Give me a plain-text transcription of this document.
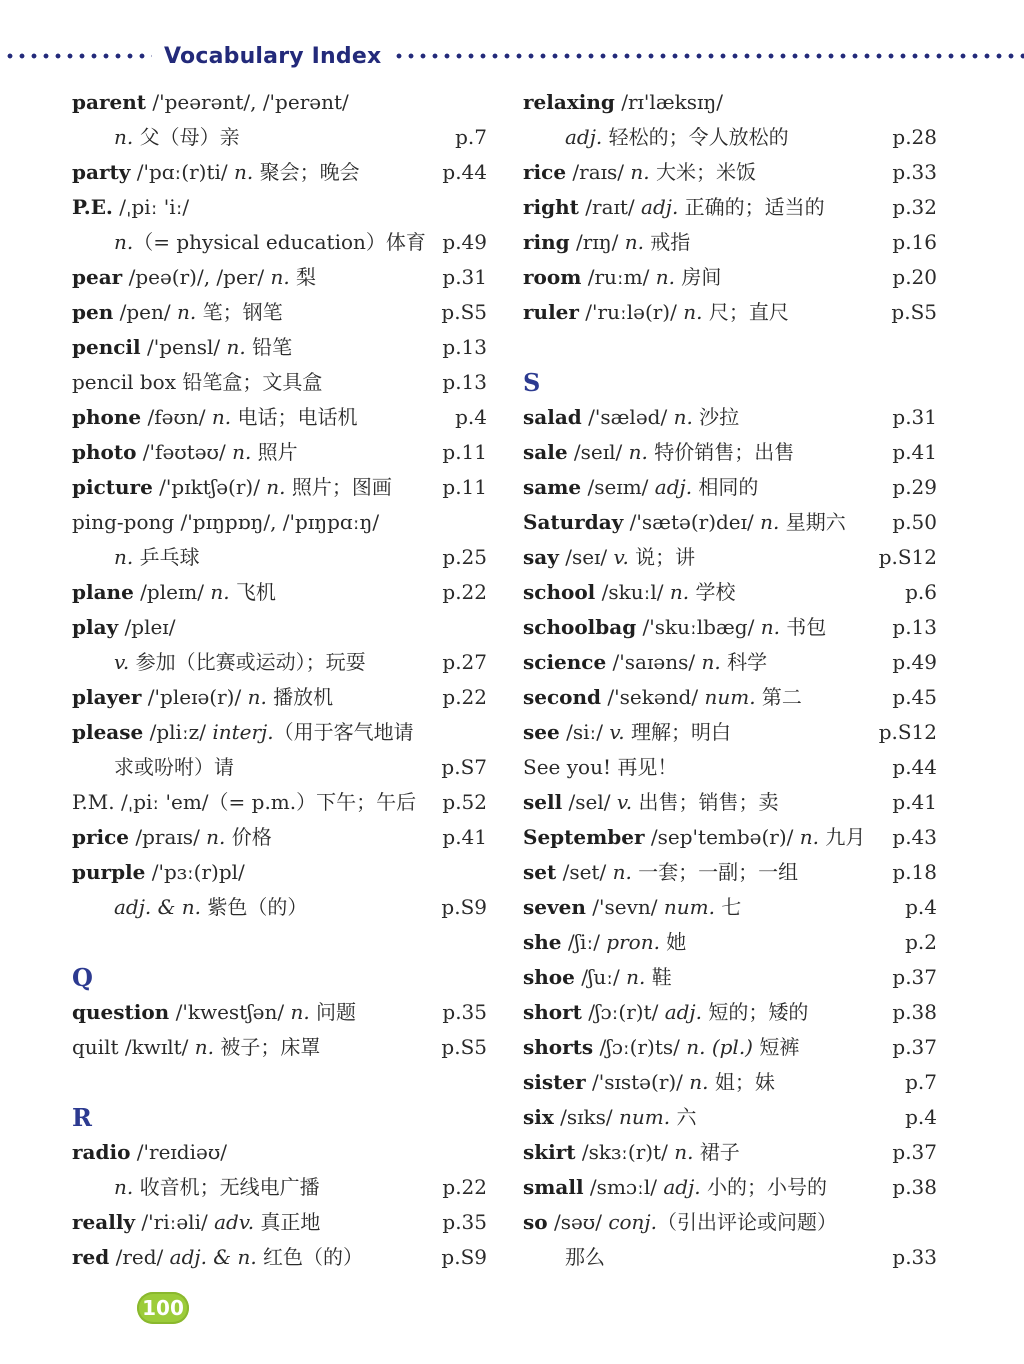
Vocabulary Index
parent /'peərənt/, /'perənt/
n. 父（母）亲	p.7
party /'pɑː(r)ti/ n. 聚会；晚会	p.44
P.E. /ˌpiː 'iː/
n.（= physical education）体育 p.49
pear /peə(r)/, /per/ n. 梨	p.31
pen /pen/ n. 笔；钢笔	p.S5
pencil /'pensl/ n. 铅笔	p.13
pencil box 铅笔盒；文具盒	p.13
phone /fəʊn/ n. 电话；电话机	p.4
photo /'fəʊtəʊ/ n. 照片	p.11
picture /'pɪktʃə(r)/ n. 照片；图画	p.11
ping-pong /'pɪŋpɒŋ/, /'pɪŋpɑːŋ/
n. 乒乓球	p.25
plane /pleɪn/ n. 飞机	p.22
play /pleɪ/
v. 参加（比赛或运动）；玩耍	p.27
player /'pleɪə(r)/ n. 播放机	p.22
please /pliːz/ interj.（用于客气地请
求或吩咐）请	p.S7
P.M. /ˌpiː 'em/（= p.m.）下午；午后 p.52
price /praɪs/ n. 价格	p.41
purple /'pɜː(r)pl/
adj. & n. 紫色（的）	p.S9
Q
question /'kwestʃən/ n. 问题	p.35
quilt /kwɪlt/ n. 被子；床罩	p.S5
R
radio /'reɪdiəʊ/
n. 收音机；无线电广播	p.22
really /'riːəli/ adv. 真正地	p.35
red /red/ adj. & n. 红色（的）	p.S9
relaxing /rɪ'læksɪŋ/
adj. 轻松的；令人放松的	p.28
rice /raɪs/ n. 大米；米饭	p.33
right /raɪt/ adj. 正确的；适当的	p.32
ring /rɪŋ/ n. 戒指	p.16
room /ruːm/ n. 房间	p.20
ruler /'ruːlə(r)/ n. 尺；直尺	p.S5
S
salad /'sæləd/ n. 沙拉	p.31
sale /seɪl/ n. 特价销售；出售	p.41
same /seɪm/ adj. 相同的	p.29
Saturday /'sætə(r)deɪ/ n. 星期六 p.50
say /seɪ/ v. 说；讲	p.S12
school /skuːl/ n. 学校	p.6
schoolbag /'skuːlbæg/ n. 书包	p.13
science /'saɪəns/ n. 科学	p.49
second /'sekənd/ num. 第二	p.45
see /siː/ v. 理解；明白	p.S12
See you! 再见！	p.44
sell /sel/ v. 出售；销售；卖	p.41
September /sep'tembə(r)/ n. 九月 p.43
set /set/ n. 一套；一副；一组	p.18
seven /'sevn/ num. 七	p.4
she /ʃiː/ pron. 她	p.2
shoe /ʃuː/ n. 鞋	p.37
short /ʃɔː(r)t/ adj. 短的；矮的	p.38
shorts /ʃɔː(r)ts/ n. (pl.) 短裤	p.37
sister /'sɪstə(r)/ n. 姐；妹	p.7
six /sɪks/ num. 六	p.4
skirt /skɜː(r)t/ n. 裙子	p.37
small /smɔːl/ adj. 小的；小号的	p.38
so /səʊ/ conj.（引出评论或问题）
那么	p.33
100
